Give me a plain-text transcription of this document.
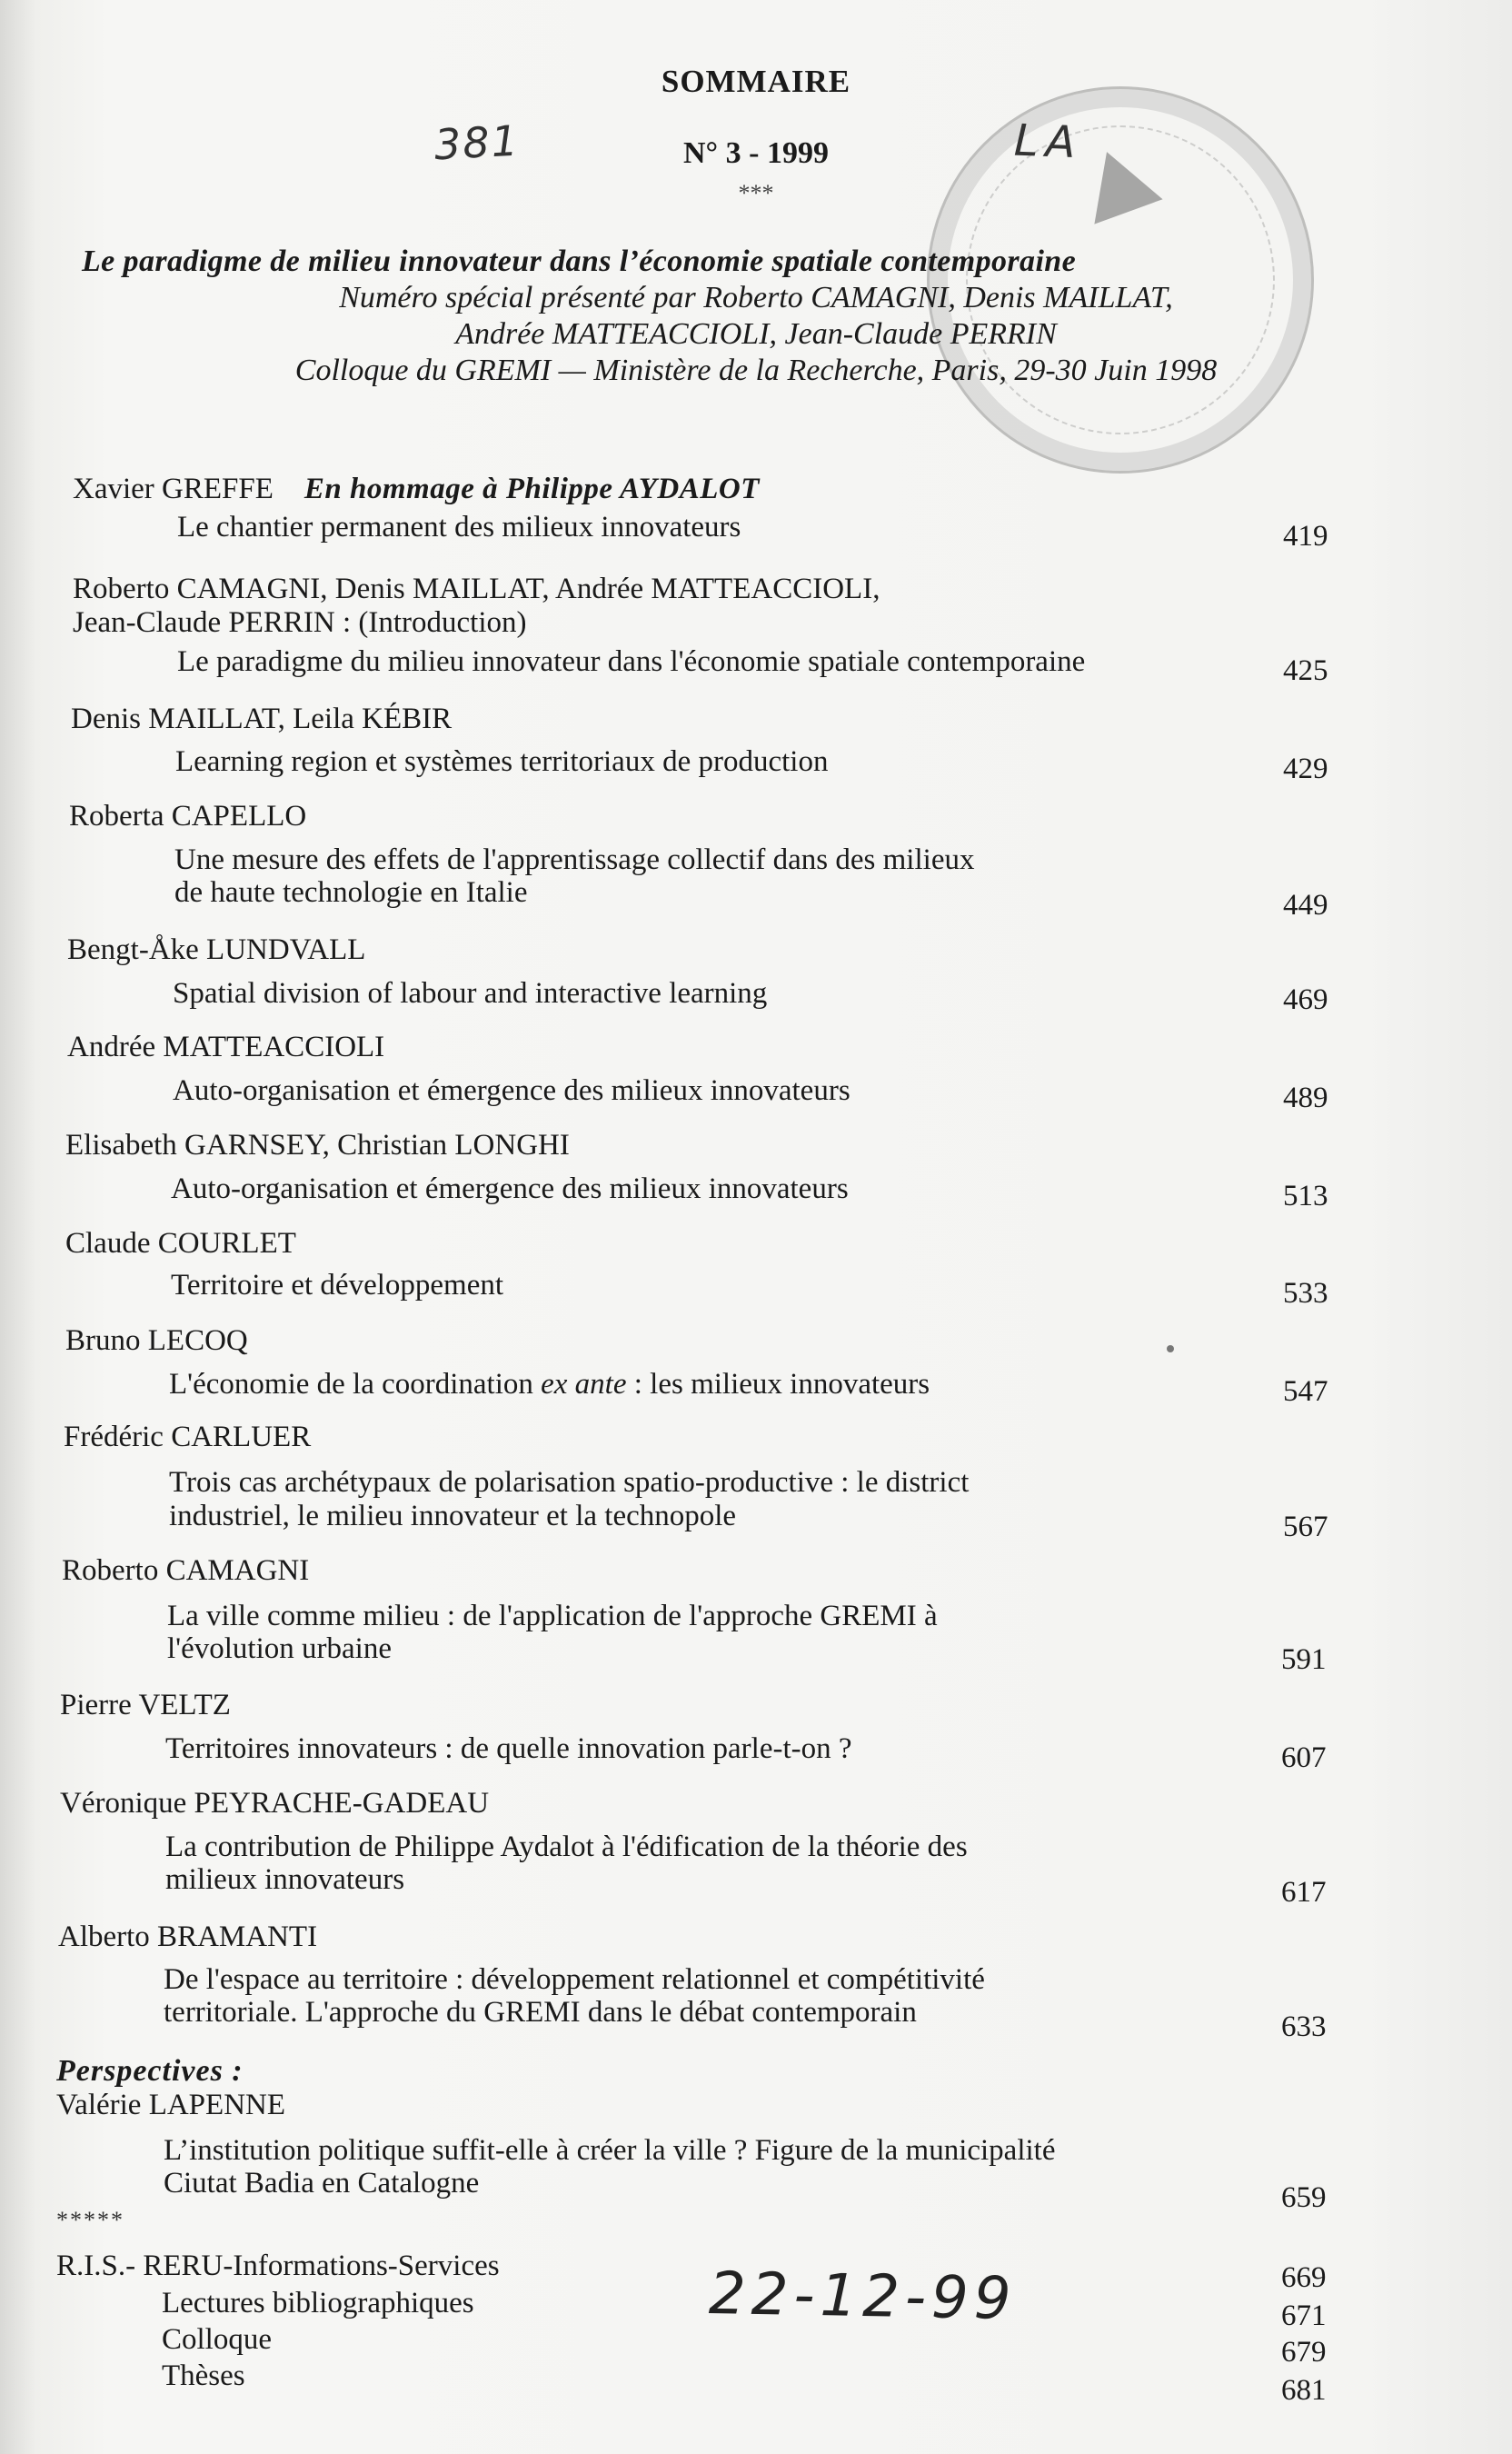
SOMMAIRE
381	N° 3 - 1999	LA
***
Le paradigme de milieu innovateur dans l’économie spatiale contemporaine
Numéro spécial présenté par Roberto CAMAGNI, Denis MAILLAT,
Andrée MATTEACCIOLI, Jean-Claude PERRIN
Colloque du GREMI — Ministère de la Recherche, Paris, 29-30 Juin 1998
Xavier GREFFE En hommage à Philippe AYDALOT
Le chantier permanent des milieux innovateurs	419
Roberto CAMAGNI, Denis MAILLAT, Andrée MATTEACCIOLI,
Jean-Claude PERRIN : (Introduction)
Le paradigme du milieu innovateur dans l'économie spatiale contemporaine	425
Denis MAILLAT, Leila KÉBIR
Learning region et systèmes territoriaux de production	429
Roberta CAPELLO
Une mesure des effets de l'apprentissage collectif dans des milieux
de haute technologie en Italie	449
Bengt-Åke LUNDVALL
Spatial division of labour and interactive learning	469
Andrée MATTEACCIOLI
Auto-organisation et émergence des milieux innovateurs	489
Elisabeth GARNSEY, Christian LONGHI
Auto-organisation et émergence des milieux innovateurs	513
Claude COURLET
Territoire et développement	533
Bruno LECOQ
L'économie de la coordination ex ante : les milieux innovateurs	547
Frédéric CARLUER
Trois cas archétypaux de polarisation spatio-productive : le district
industriel, le milieu innovateur et la technopole	567
Roberto CAMAGNI
La ville comme milieu : de l'application de l'approche GREMI à
l'évolution urbaine	591
Pierre VELTZ
Territoires innovateurs : de quelle innovation parle-t-on ?	607
Véronique PEYRACHE-GADEAU
La contribution de Philippe Aydalot à l'édification de la théorie des
milieux innovateurs	617
Alberto BRAMANTI
De l'espace au territoire : développement relationnel et compétitivité
territoriale. L'approche du GREMI dans le débat contemporain	633
Perspectives :
Valérie LAPENNE
L’institution politique suffit-elle à créer la ville ? Figure de la municipalité
Ciutat Badia en Catalogne	659
*****
R.I.S.- RERU-Informations-Services	669
Lectures bibliographiques	671
Colloque	679
Thèses	681
22-12-99
